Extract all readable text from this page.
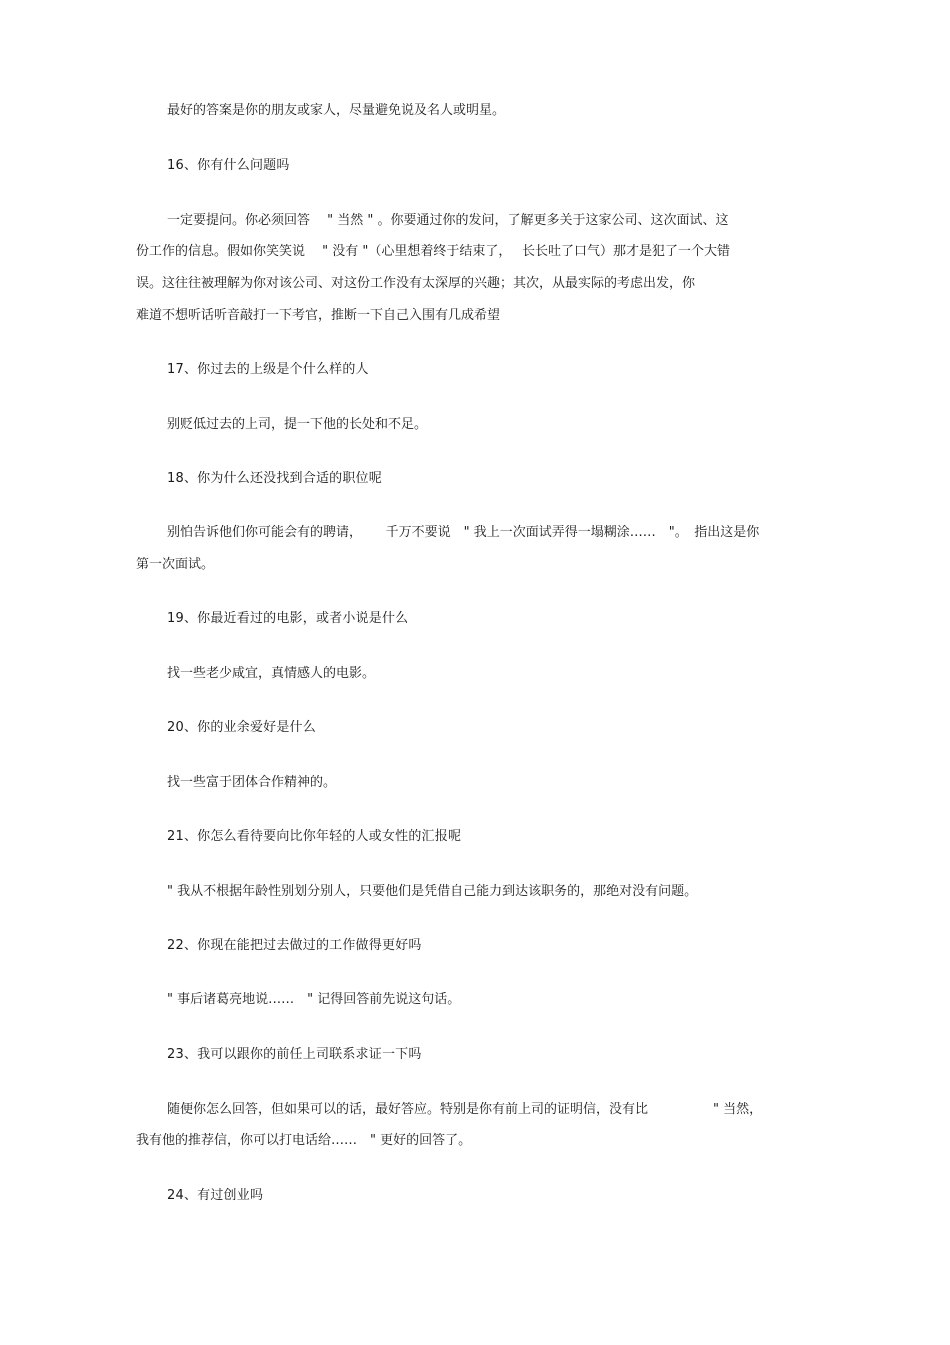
最好的答案是你的朋友或家人，尽量避免说及名人或明星。

16、你有什么问题吗

一定要提问。你必须回答　 " 当然 " 。你要通过你的发问，了解更多关于这家公司、这次面试、这

份工作的信息。假如你笑笑说　 " 没有 "（心里想着终于结束了，　 长长吐了口气）那才是犯了一个大错

误。这往往被理解为你对该公司、对这份工作没有太深厚的兴趣；其次，从最实际的考虑出发，你

难道不想听话听音敲打一下考官，推断一下自己入围有几成希望

17、你过去的上级是个什么样的人

别贬低过去的上司，提一下他的长处和不足。

18、你为什么还没找到合适的职位呢

别怕告诉他们你可能会有的聘请，　　 千万不要说　" 我上一次面试弄得一塌糊涂……　"。　指出这是你

第一次面试。

19、你最近看过的电影，或者小说是什么

找一些老少咸宜，真情感人的电影。

20、你的业余爱好是什么

找一些富于团体合作精神的。

21、你怎么看待要向比你年轻的人或女性的汇报呢

" 我从不根据年龄性别划分别人，只要他们是凭借自己能力到达该职务的，那绝对没有问题。

22、你现在能把过去做过的工作做得更好吗

" 事后诸葛亮地说……　" 记得回答前先说这句话。

23、我可以跟你的前任上司联系求证一下吗

随便你怎么回答，但如果可以的话，最好答应。特别是你有前上司的证明信，没有比　　　　　" 当然，

我有他的推荐信，你可以打电话给……　" 更好的回答了。

24、有过创业吗
